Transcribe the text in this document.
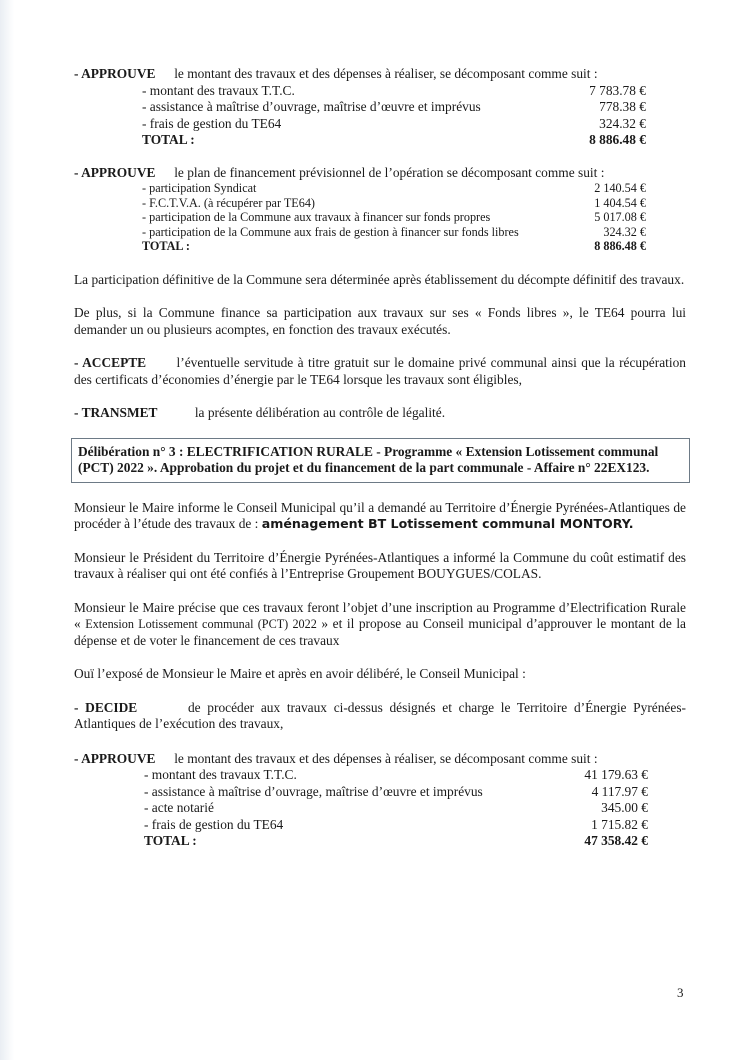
- APPROUVE le montant des travaux et des dépenses à réaliser, se décomposant comme suit :
- montant des travaux T.T.C.	7 783.78 €
- assistance à maîtrise d’ouvrage, maîtrise d’œuvre et imprévus	778.38 €
- frais de gestion du TE64	324.32 €
TOTAL :	8 886.48 €
- APPROUVE le plan de financement prévisionnel de l’opération se décomposant comme suit :
- participation Syndicat	2 140.54 €
- F.C.T.V.A. (à récupérer par TE64)	1 404.54 €
- participation de la Commune aux travaux à financer sur fonds propres	5 017.08 €
- participation de la Commune aux frais de gestion à financer sur fonds libres	324.32 €
TOTAL :	8 886.48 €

La participation définitive de la Commune sera déterminée après établissement du décompte définitif des travaux.

De plus, si la Commune finance sa participation aux travaux sur ses « Fonds libres », le TE64 pourra lui demander un ou plusieurs acomptes, en fonction des travaux exécutés.

- ACCEPTE l’éventuelle servitude à titre gratuit sur le domaine privé communal ainsi que la récupération des certificats d’économies d’énergie par le TE64 lorsque les travaux sont éligibles,

- TRANSMET	la présente délibération au contrôle de légalité.

Délibération n° 3 : ELECTRIFICATION RURALE - Programme « Extension Lotissement communal (PCT) 2022 ». Approbation du projet et du financement de la part communale - Affaire n° 22EX123.

Monsieur le Maire informe le Conseil Municipal qu’il a demandé au Territoire d’Énergie Pyrénées-Atlantiques de procéder à l’étude des travaux de : aménagement BT Lotissement communal MONTORY.

Monsieur le Président du Territoire d’Énergie Pyrénées-Atlantiques a informé la Commune du coût estimatif des travaux à réaliser qui ont été confiés à l’Entreprise Groupement BOUYGUES/COLAS.

Monsieur le Maire précise que ces travaux feront l’objet d’une inscription au Programme d’Electrification Rurale « Extension Lotissement communal (PCT) 2022 » et il propose au Conseil municipal d’approuver le montant de la dépense et de voter le financement de ces travaux

Ouï l’exposé de Monsieur le Maire et après en avoir délibéré, le Conseil Municipal :

- DECIDE	de procéder aux travaux ci-dessus désignés et charge le Territoire d’Énergie Pyrénées-Atlantiques de l’exécution des travaux,

- APPROUVE le montant des travaux et des dépenses à réaliser, se décomposant comme suit :
- montant des travaux T.T.C.	41 179.63 €
- assistance à maîtrise d’ouvrage, maîtrise d’œuvre et imprévus	4 117.97 €
- acte notarié	345.00 €
- frais de gestion du TE64	1 715.82 €
TOTAL :	47 358.42 €
3
